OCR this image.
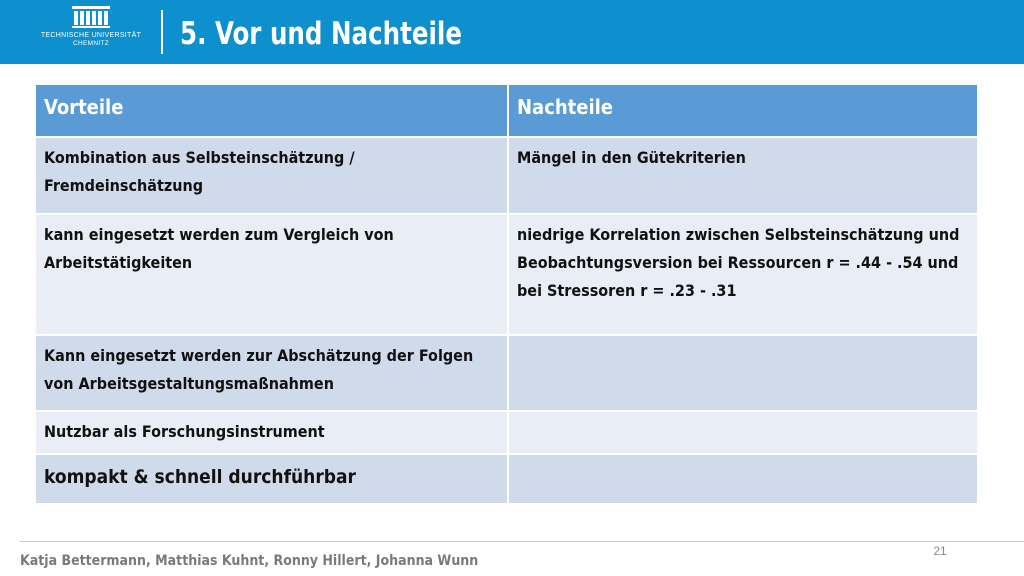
TECHNISCHE UNIVERSITÄT
CHEMNITZ	5. Vor und Nachteile
Vorteile	Nachteile
Kombination aus Selbsteinschätzung / Fremdeinschätzung	Mängel in den Gütekriterien
kann eingesetzt werden zum Vergleich von Arbeitstätigkeiten	niedrige Korrelation zwischen Selbsteinschätzung und Beobachtungsversion bei Ressourcen r = .44 - .54 und bei Stressoren r = .23 - .31
Kann eingesetzt werden zur Abschätzung der Folgen von Arbeitsgestaltungsmaßnahmen	
Nutzbar als Forschungsinstrument	
kompakt & schnell durchführbar	
21
Katja Bettermann, Matthias Kuhnt, Ronny Hillert, Johanna Wunn
